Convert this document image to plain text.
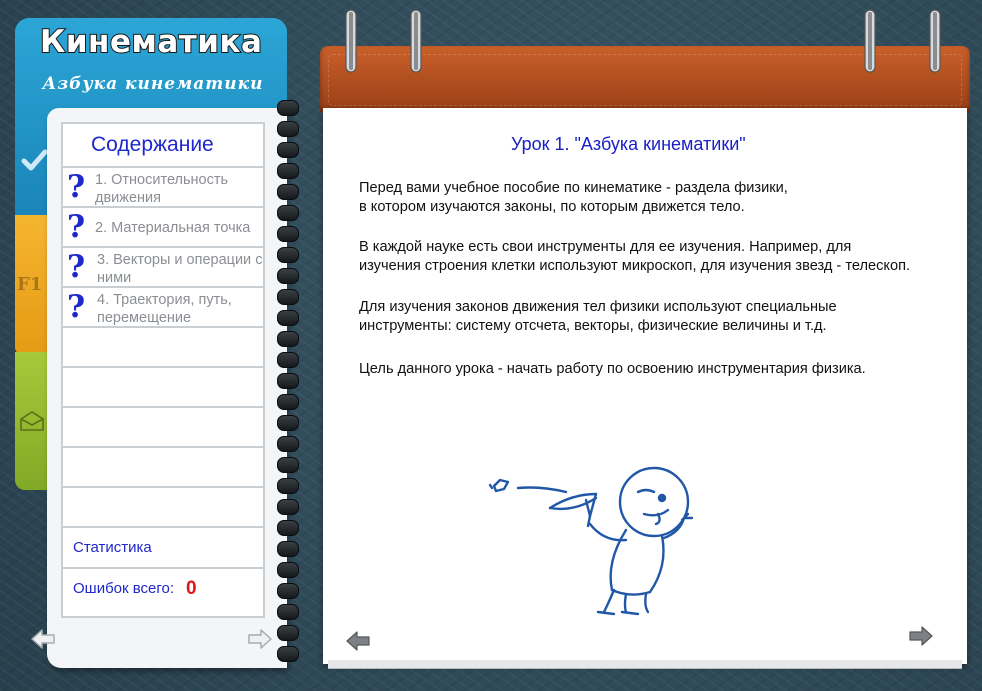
Кинематика
Азбука кинематики
F1
Содержание
? 1. Относительность
движения
? 2. Материальная точка
? 3. Векторы и операции с ними
? 4. Траектория, путь, перемещение
Статистика
Ошибок всего: 0
Урок 1. "Азбука кинематики"

Перед вами учебное пособие по кинематике - раздела физики,
в котором изучаются законы, по которым движется тело.

В каждой науке есть свои инструменты для ее изучения. Например, для
изучения строения клетки используют микроскоп, для изучения звезд - телескоп.

Для изучения законов движения тел физики используют специальные
инструменты: систему отсчета, векторы, физические величины и т.д.

Цель данного урока - начать работу по освоению инструментария физика.
